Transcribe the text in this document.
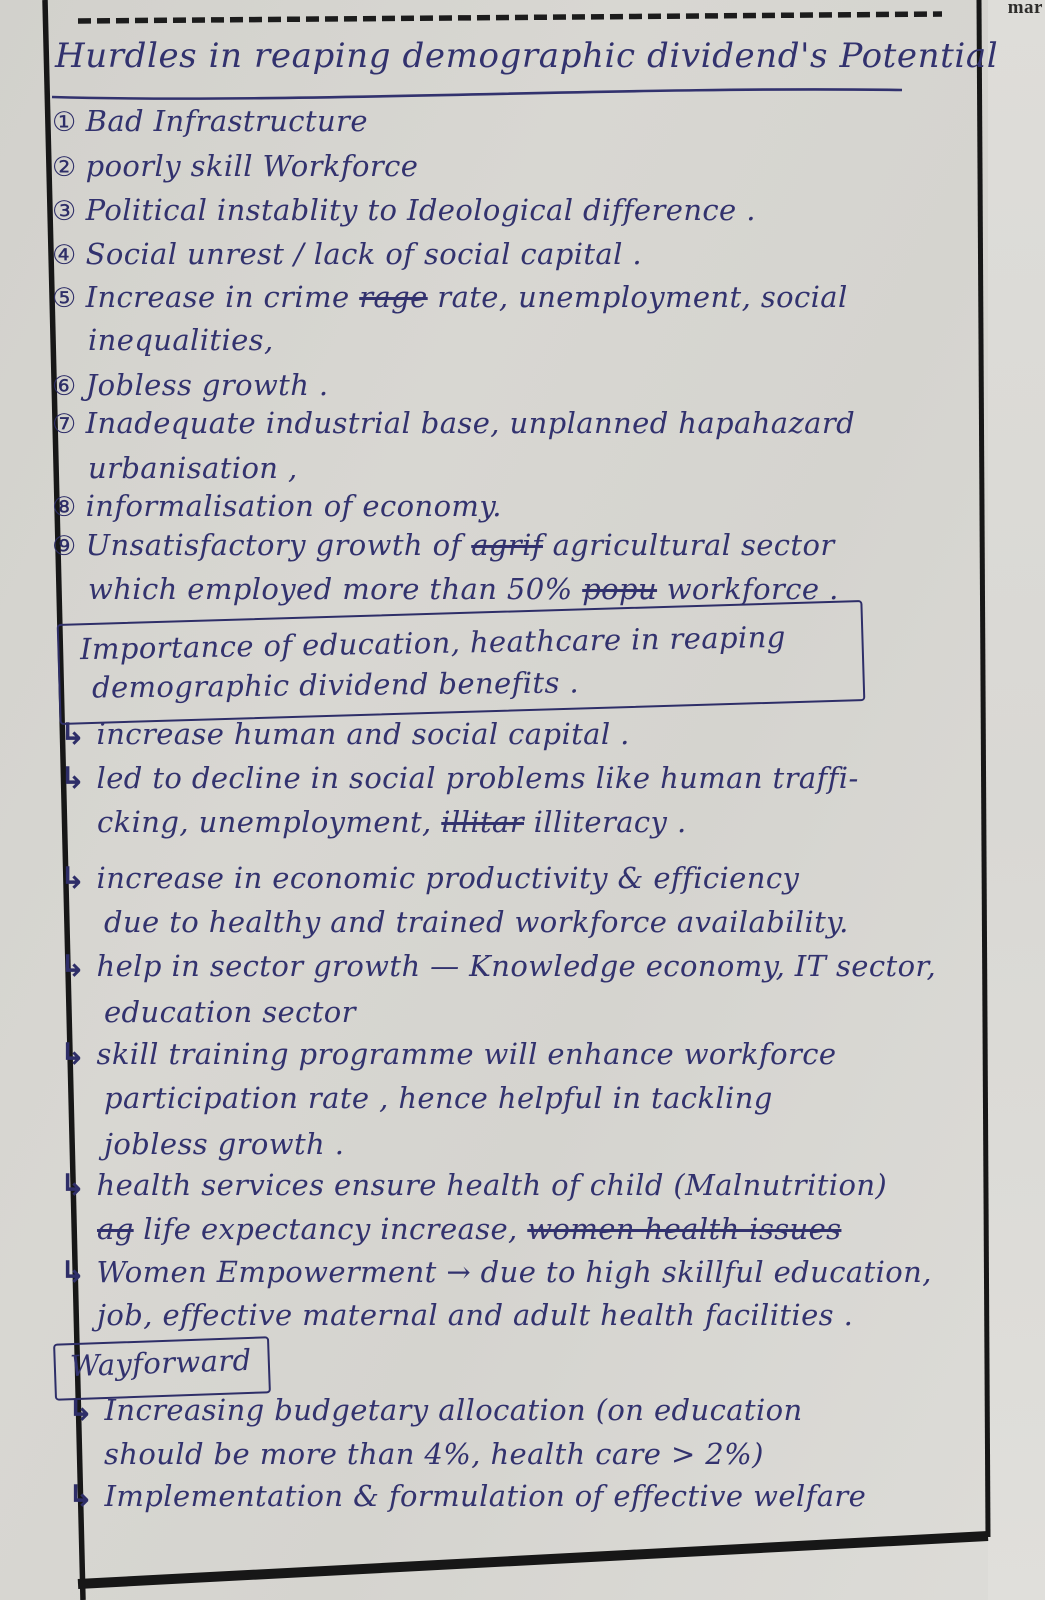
mar
Hurdles in reaping demographic dividend's Potential
① Bad Infrastructure
② poorly skill Workforce
③ Political instablity to Ideological difference .
④ Social unrest / lack of social capital .
⑤ Increase in crime rage rate, unemployment, social
inequalities,
⑥ Jobless growth .
⑦ Inadequate industrial base, unplanned hapahazard
urbanisation ,
⑧ informalisation of economy.
⑨ Unsatisfactory growth of agrif agricultural sector
which employed more than 50% popu workforce .
Importance of education, heathcare in reaping
demographic dividend benefits .
↳ increase human and social capital .
↳ led to decline in social problems like human traffi-
cking, unemployment, illitar illiteracy .
↳ increase in economic productivity & efficiency
due to healthy and trained workforce availability.
↳ help in sector growth — Knowledge economy, IT sector,
education sector
↳ skill training programme will enhance workforce
participation rate , hence helpful in tackling
jobless growth .
↳ health services ensure health of child (Malnutrition)
ag life expectancy increase, women health issues
↳ Women Empowerment → due to high skillful education,
job, effective maternal and adult health facilities .
Wayforward
↳ Increasing budgetary allocation (on education
should be more than 4%, health care > 2%)
↳ Implementation & formulation of effective welfare
